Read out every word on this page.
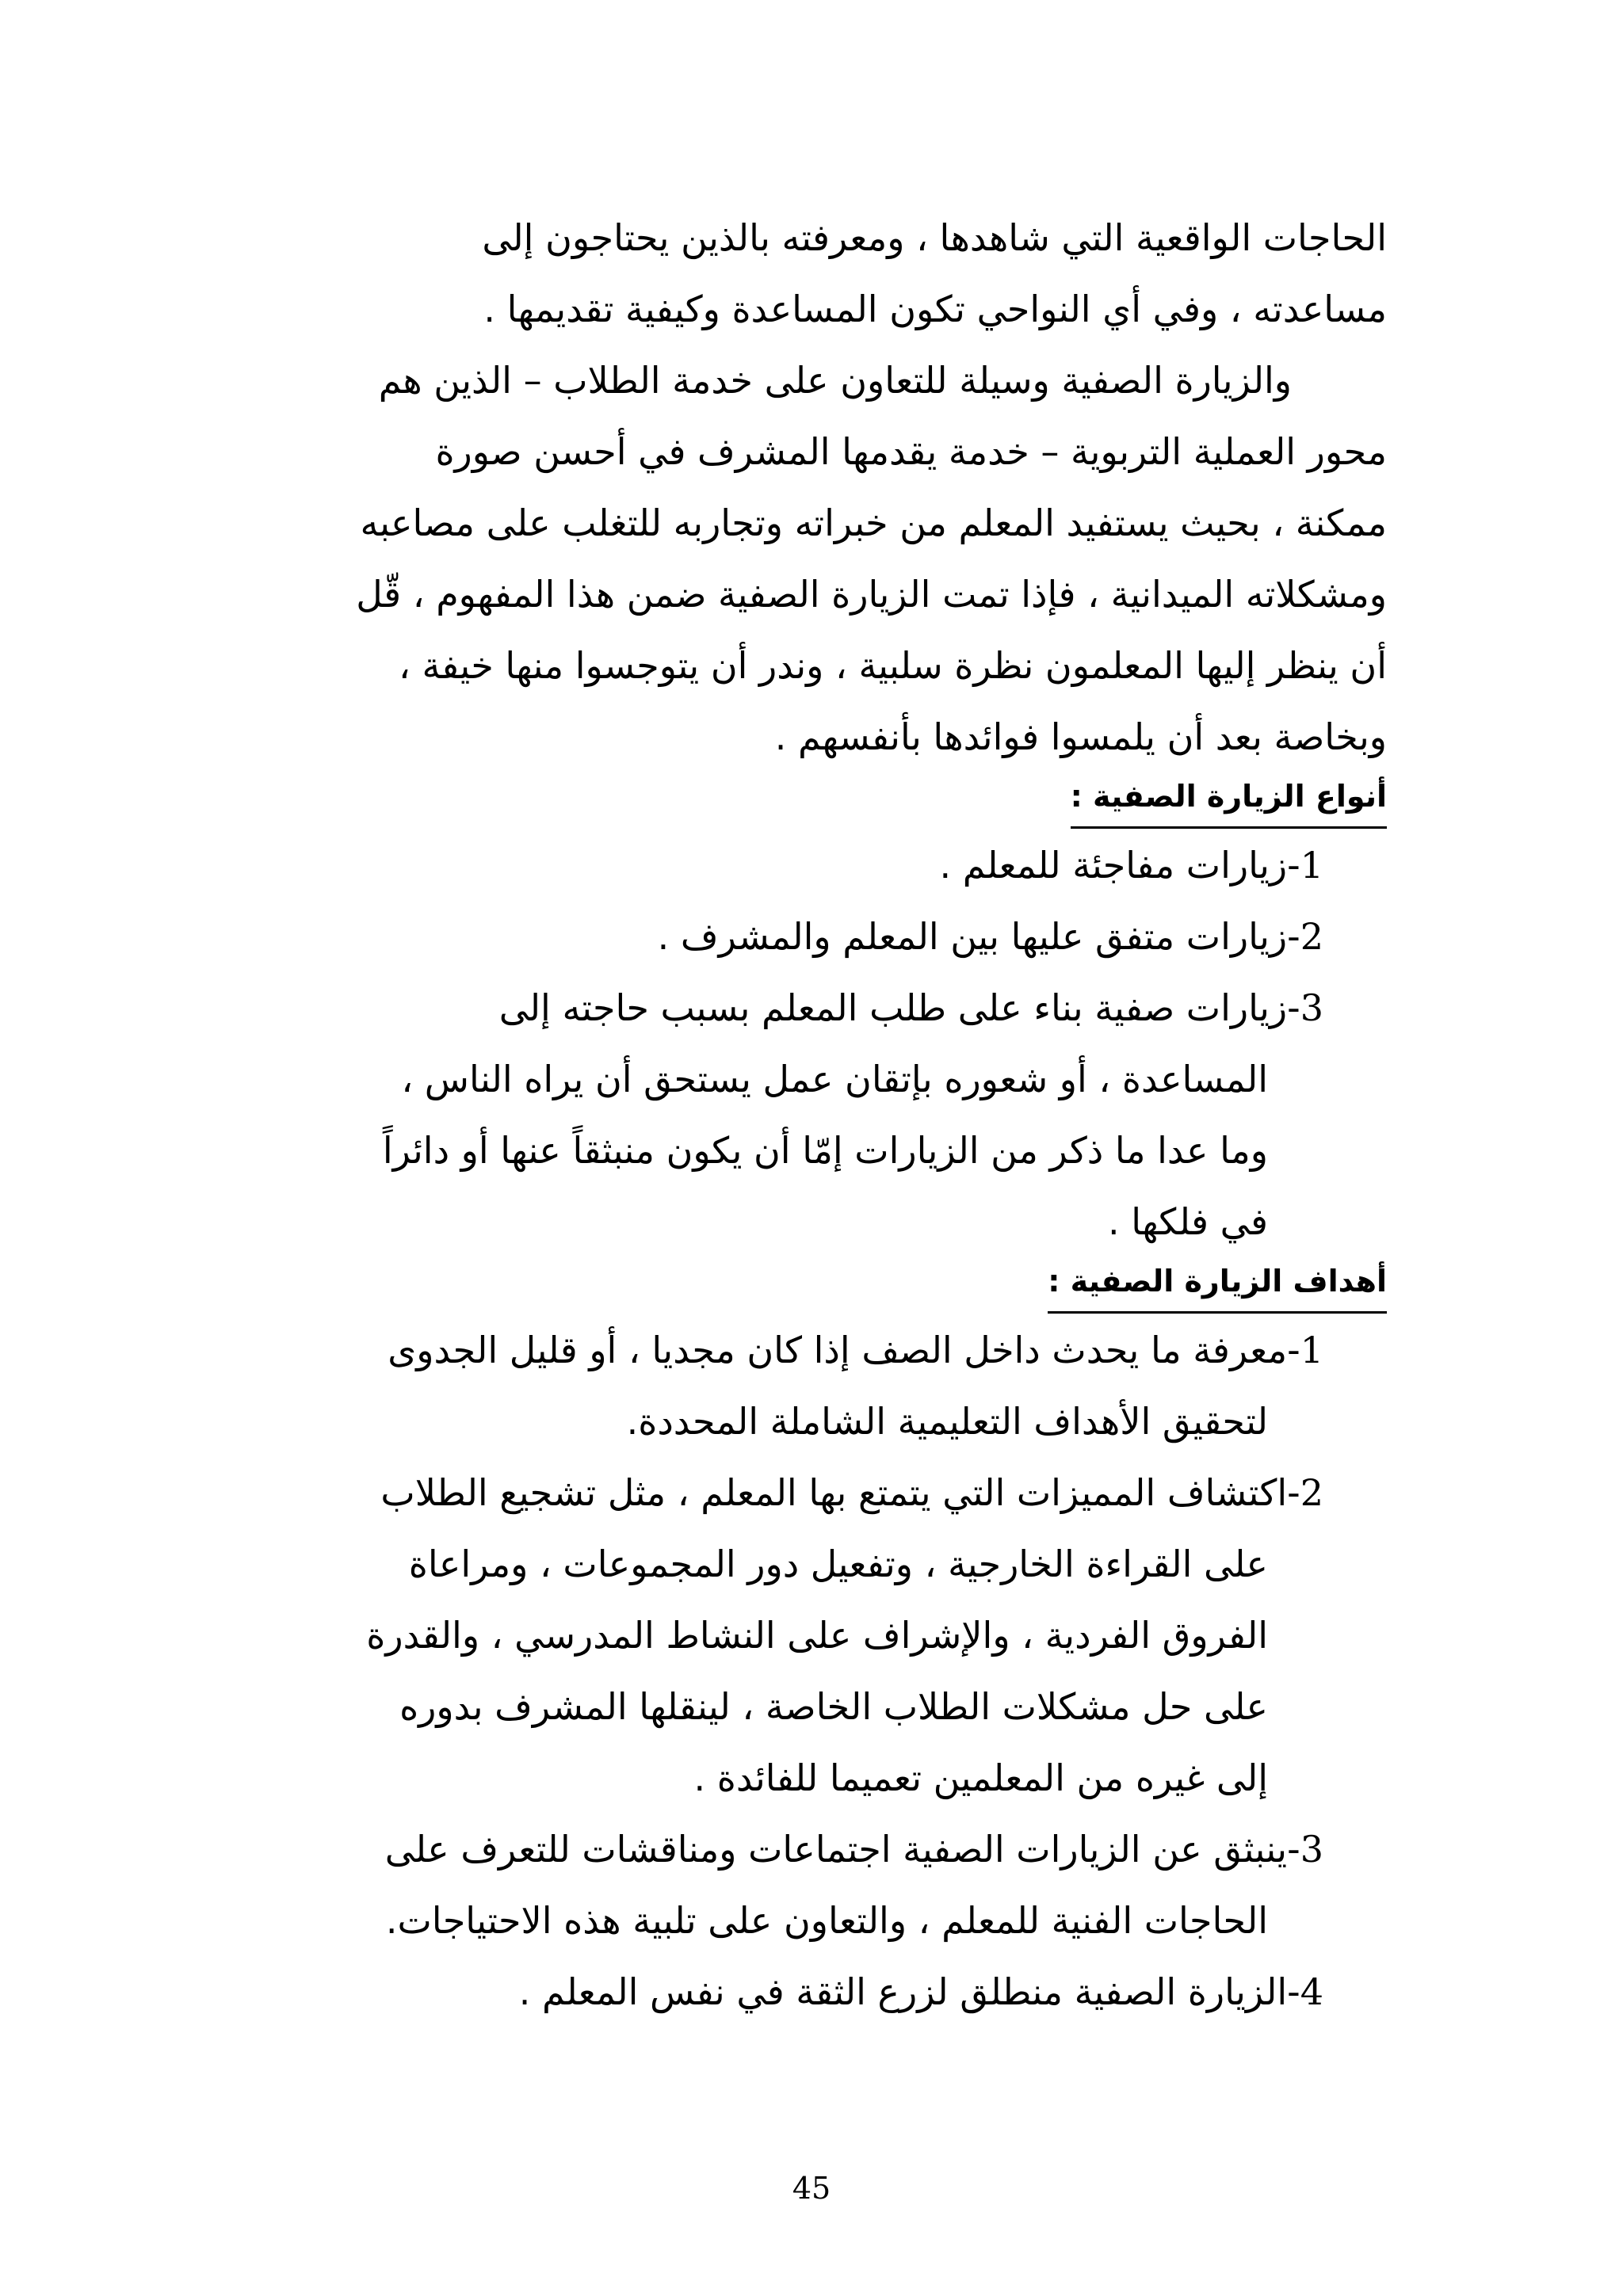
الحاجات الواقعية التي شاهدها ، ومعرفته بالذين يحتاجون إلى
مساعدته ، وفي أي النواحي تكون المساعدة وكيفية تقديمها .
والزيارة الصفية وسيلة للتعاون على خدمة الطلاب – الذين هم
محور العملية التربوية – خدمة يقدمها المشرف في أحسن صورة
ممكنة ، بحيث يستفيد المعلم من خبراته وتجاربه للتغلب على مصاعبه
ومشكلاته الميدانية ، فإذا تمت الزيارة الصفية ضمن هذا المفهوم ، قّل
أن ينظر إليها المعلمون نظرة سلبية ، وندر أن يتوجسوا منها خيفة ،
وبخاصة بعد أن يلمسوا فوائدها بأنفسهم .
أنواع الزيارة الصفية :
1-زيارات مفاجئة للمعلم .
2-زيارات متفق عليها بين المعلم والمشرف .
3-زيارات صفية بناء على طلب المعلم بسبب حاجته إلى
المساعدة ، أو شعوره بإتقان عمل يستحق أن يراه الناس ،
وما عدا ما ذكر من الزيارات إمّا أن يكون منبثقاً عنها أو دائراً
في فلكها .
أهداف الزيارة الصفية :
1-معرفة ما يحدث داخل الصف إذا كان مجديا ، أو قليل الجدوى
لتحقيق الأهداف التعليمية الشاملة المحددة.
2-اكتشاف المميزات التي يتمتع بها المعلم ، مثل تشجيع الطلاب
على القراءة الخارجية ، وتفعيل دور المجموعات ، ومراعاة
الفروق الفردية ، والإشراف على النشاط المدرسي ، والقدرة
على حل مشكلات الطلاب الخاصة ، لينقلها المشرف بدوره
إلى غيره من المعلمين تعميما للفائدة .
3-ينبثق عن الزيارات الصفية اجتماعات ومناقشات للتعرف على
الحاجات الفنية للمعلم ، والتعاون على تلبية هذه الاحتياجات.
4-الزيارة الصفية منطلق لزرع الثقة في نفس المعلم .
45
